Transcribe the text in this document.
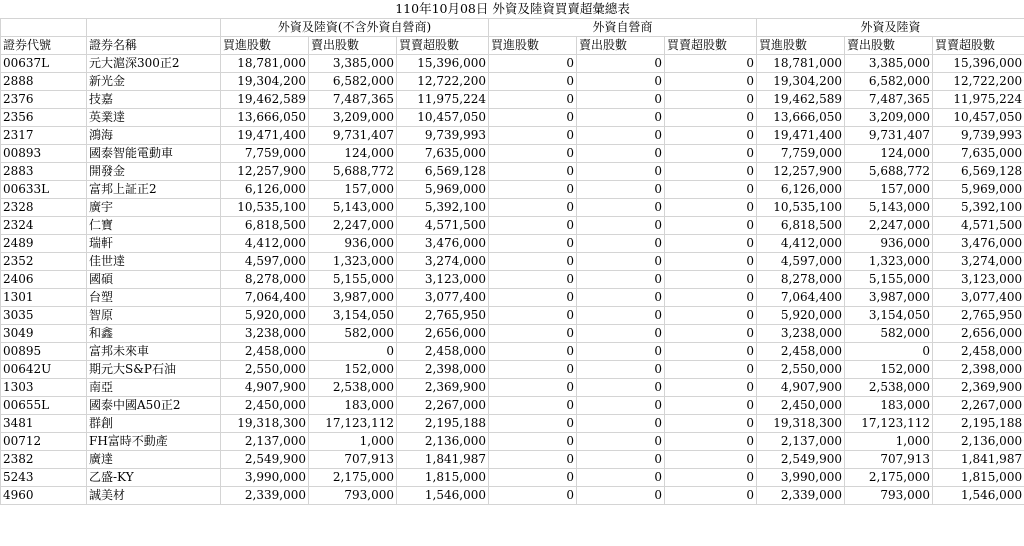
110年10月08日 外資及陸資買賣超彙總表										
		外資及陸資(不含外資自營商)			外資自營商			外資及陸資		
證券代號	證券名稱	買進股數	賣出股數	買賣超股數	買進股數	賣出股數	買賣超股數	買進股數	賣出股數	買賣超股數
00637L	元大滬深300正2	18,781,000	3,385,000	15,396,000	0	0	0	18,781,000	3,385,000	15,396,000
2888	新光金	19,304,200	6,582,000	12,722,200	0	0	0	19,304,200	6,582,000	12,722,200
2376	技嘉	19,462,589	7,487,365	11,975,224	0	0	0	19,462,589	7,487,365	11,975,224
2356	英業達	13,666,050	3,209,000	10,457,050	0	0	0	13,666,050	3,209,000	10,457,050
2317	鴻海	19,471,400	9,731,407	9,739,993	0	0	0	19,471,400	9,731,407	9,739,993
00893	國泰智能電動車	7,759,000	124,000	7,635,000	0	0	0	7,759,000	124,000	7,635,000
2883	開發金	12,257,900	5,688,772	6,569,128	0	0	0	12,257,900	5,688,772	6,569,128
00633L	富邦上証正2	6,126,000	157,000	5,969,000	0	0	0	6,126,000	157,000	5,969,000
2328	廣宇	10,535,100	5,143,000	5,392,100	0	0	0	10,535,100	5,143,000	5,392,100
2324	仁寶	6,818,500	2,247,000	4,571,500	0	0	0	6,818,500	2,247,000	4,571,500
2489	瑞軒	4,412,000	936,000	3,476,000	0	0	0	4,412,000	936,000	3,476,000
2352	佳世達	4,597,000	1,323,000	3,274,000	0	0	0	4,597,000	1,323,000	3,274,000
2406	國碩	8,278,000	5,155,000	3,123,000	0	0	0	8,278,000	5,155,000	3,123,000
1301	台塑	7,064,400	3,987,000	3,077,400	0	0	0	7,064,400	3,987,000	3,077,400
3035	智原	5,920,000	3,154,050	2,765,950	0	0	0	5,920,000	3,154,050	2,765,950
3049	和鑫	3,238,000	582,000	2,656,000	0	0	0	3,238,000	582,000	2,656,000
00895	富邦未來車	2,458,000	0	2,458,000	0	0	0	2,458,000	0	2,458,000
00642U	期元大S&P石油	2,550,000	152,000	2,398,000	0	0	0	2,550,000	152,000	2,398,000
1303	南亞	4,907,900	2,538,000	2,369,900	0	0	0	4,907,900	2,538,000	2,369,900
00655L	國泰中國A50正2	2,450,000	183,000	2,267,000	0	0	0	2,450,000	183,000	2,267,000
3481	群創	19,318,300	17,123,112	2,195,188	0	0	0	19,318,300	17,123,112	2,195,188
00712	FH富時不動產	2,137,000	1,000	2,136,000	0	0	0	2,137,000	1,000	2,136,000
2382	廣達	2,549,900	707,913	1,841,987	0	0	0	2,549,900	707,913	1,841,987
5243	乙盛-KY	3,990,000	2,175,000	1,815,000	0	0	0	3,990,000	2,175,000	1,815,000
4960	誠美材	2,339,000	793,000	1,546,000	0	0	0	2,339,000	793,000	1,546,000
